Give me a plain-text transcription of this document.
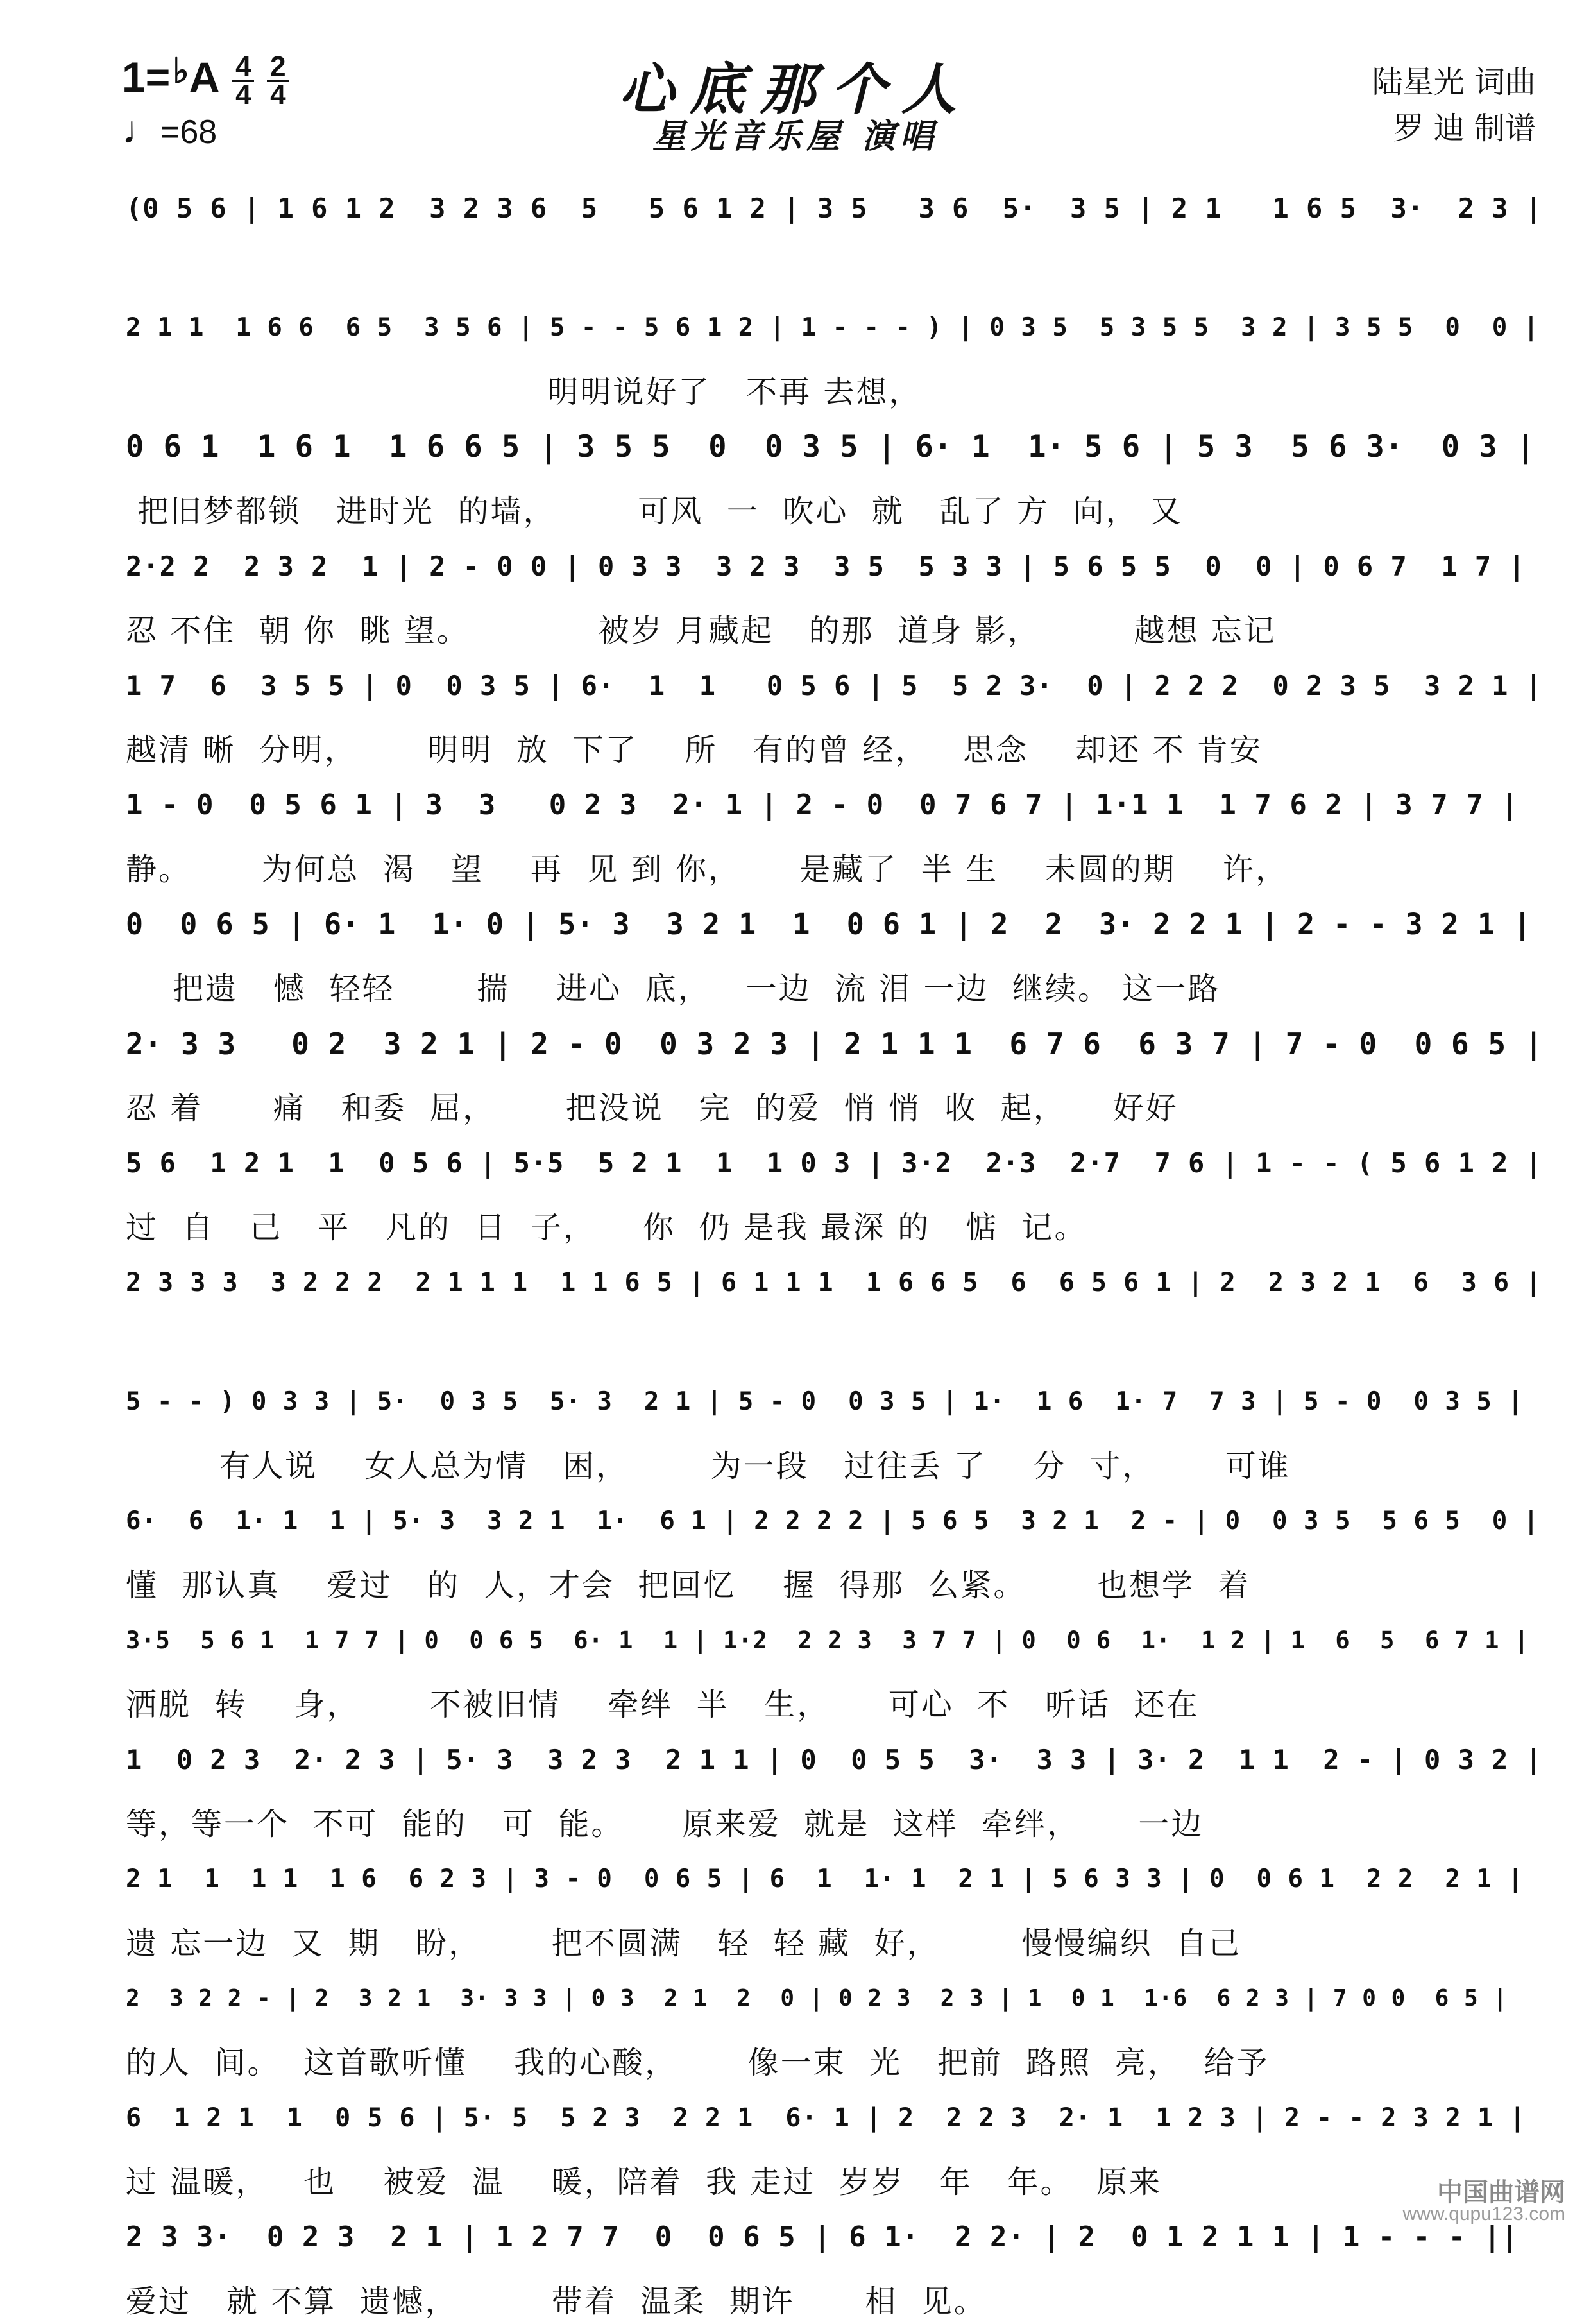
$1=^♭A \frac{4}{4} \frac{2}{4}$
♩=68
心底那个人
星光音乐屋 演唱
陆星光 词曲
罗 迪 制谱
(0 5 6 | 1 6 1 2  3 2 3 6  5   5 6 1 2 | 3 5   3 6  5·  3 5 | 2 1   1 6 5  3·  2 3 |
2 1 1  1 6 6  6 5  3 5 6 | 5 - - 5 6 1 2 | 1 - - - ) | 0 3 5  5 3 5 5  3 2 | 3 5 5  0  0 |
明明说好了   不再 去想，
0 6 1  1 6 1  1 6 6 5 | 3 5 5  0  0 3 5 | 6· 1  1· 5 6 | 5 3  5 6 3·  0 3 |
把旧梦都锁   进时光  的墙，       可风  一  吹心  就   乱了 方  向， 又
2·2 2  2 3 2  1 | 2 - 0 0 | 0 3 3  3 2 3  3 5  5 3 3 | 5 6 5 5  0  0 | 0 6 7  1 7 |
忍 不住  朝 你  眺 望。           被岁 月藏起   的那  道身 影，        越想 忘记
1 7  6  3 5 5 | 0  0 3 5 | 6·  1  1   0 5 6 | 5  5 2 3·  0 | 2 2 2  0 2 3 5  3 2 1 |
越清 晰  分明，      明明  放  下了    所   有的曾 经，   思念    却还 不 肯安
1 - 0  0 5 6 1 | 3  3   0 2 3  2· 1 | 2 - 0  0 7 6 7 | 1·1 1  1 7 6 2 | 3 7 7 |
静。      为何总  渴   望    再  见 到 你，     是藏了  半 生    未圆的期    许，
0  0 6 5 | 6· 1  1· 0 | 5· 3  3 2 1  1  0 6 1 | 2  2  3· 2 2 1 | 2 - - 3 2 1 |
把遗   憾  轻轻       揣    进心  底，   一边  流 泪 一边  继续。 这一路
2· 3 3   0 2  3 2 1 | 2 - 0  0 3 2 3 | 2 1 1 1  6 7 6  6 3 7 | 7 - 0  0 6 5 |
忍 着      痛   和委  屈，      把没说   完  的爱  悄 悄  收  起，    好好
5 6  1 2 1  1  0 5 6 | 5·5  5 2 1  1  1 0 3 | 3·2  2·3  2·7  7 6 | 1 - - ( 5 6 1 2 |
过  自   己   平   凡的  日  子，    你  仍 是我 最深 的   惦  记。
2 3 3 3  3 2 2 2  2 1 1 1  1 1 6 5 | 6 1 1 1  1 6 6 5  6  6 5 6 1 | 2  2 3 2 1  6  3 6 |
5 - - ) 0 3 3 | 5·  0 3 5  5· 3  2 1 | 5 - 0  0 3 5 | 1·  1 6  1· 7  7 3 | 5 - 0  0 3 5 |
有人说    女人总为情   困，       为一段   过往丢 了    分  寸，      可谁
6·  6  1· 1  1 | 5· 3  3 2 1  1·  6 1 | 2 2 2 2 | 5 6 5  3 2 1  2 - | 0  0 3 5  5 6 5  0 |
懂  那认真    爱过   的  人，才会  把回忆    握  得那  么紧。      也想学  着
3·5  5 6 1  1 7 7 | 0  0 6 5  6· 1  1 | 1·2  2 2 3  3 7 7 | 0  0 6  1·  1 2 | 1  6  5  6 7 1 |
洒脱  转    身，      不被旧情    牵绊  半   生，     可心  不   听话  还在
1  0 2 3  2· 2 3 | 5· 3  3 2 3  2 1 1 | 0  0 5 5  3·  3 3 | 3· 2  1 1  2 - | 0 3 2 |
等，等一个  不可  能的   可  能。     原来爱  就是  这样  牵绊，     一边
2 1  1  1 1  1 6  6 2 3 | 3 - 0  0 6 5 | 6  1  1· 1  2 1 | 5 6 3 3 | 0  0 6 1  2 2  2 1 |
遗 忘一边  又  期   盼，      把不圆满   轻  轻 藏  好，       慢慢编织  自己
2  3 2 2 - | 2  3 2 1  3· 3 3 | 0 3  2 1  2  0 | 0 2 3  2 3 | 1  0 1  1·6  6 2 3 | 7 0 0  6 5 |
的人  间。  这首歌听懂    我的心酸，      像一束  光   把前  路照  亮，  给予
6  1 2 1  1  0 5 6 | 5· 5  5 2 3  2 2 1  6· 1 | 2  2 2 3  2· 1  1 2 3 | 2 - - 2 3 2 1 |
过 温暖，   也    被爱  温    暖，陪着  我 走过  岁岁   年   年。  原来
2 3 3·  0 2 3  2 1 | 1 2 7 7  0  0 6 5 | 6 1·  2 2· | 2  0 1 2 1 1 | 1 - - - ||
爱过   就 不算  遗憾，        带着  温柔  期许      相  见。
中国曲谱网
www.qupu123.com
